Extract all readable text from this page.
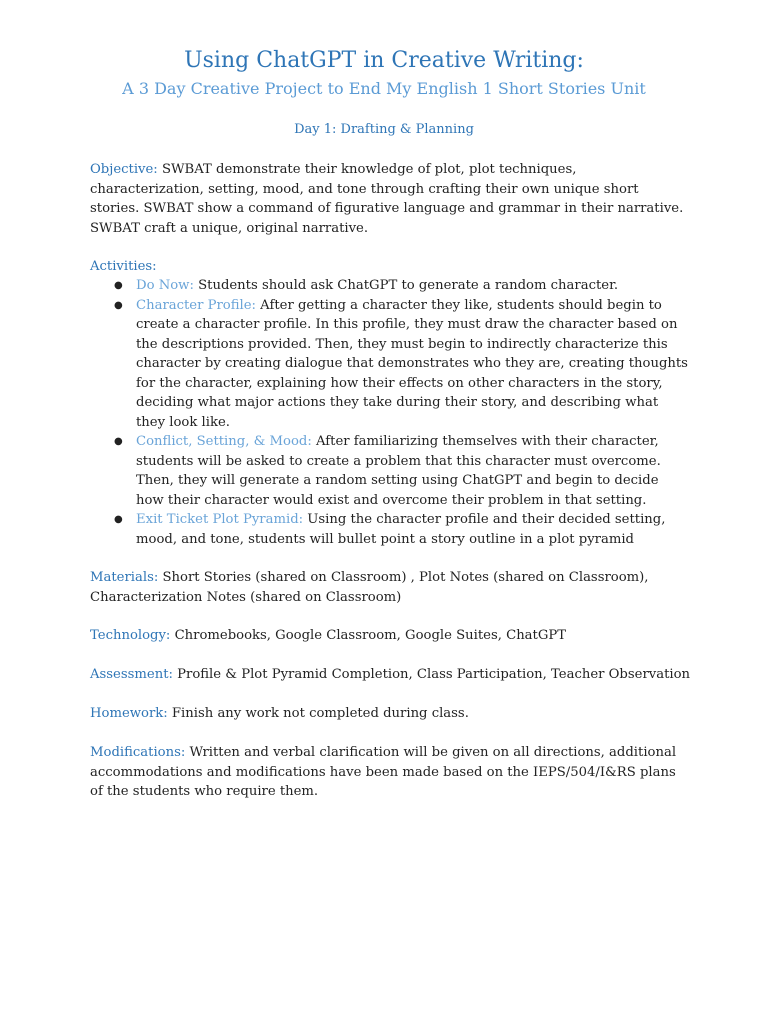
Using ChatGPT in Creative Writing:
A 3 Day Creative Project to End My English 1 Short Stories Unit
Day 1: Drafting & Planning
Objective: SWBAT demonstrate their knowledge of plot, plot techniques, characterization, setting, mood, and tone through crafting their own unique short stories. SWBAT show a command of figurative language and grammar in their narrative. SWBAT craft a unique, original narrative.
Activities:
● Do Now: Students should ask ChatGPT to generate a random character.
● Character Profile: After getting a character they like, students should begin to create a character profile. In this profile, they must draw the character based on the descriptions provided. Then, they must begin to indirectly characterize this character by creating dialogue that demonstrates who they are, creating thoughts for the character, explaining how their effects on other characters in the story, deciding what major actions they take during their story, and describing what they look like.
● Conflict, Setting, & Mood: After familiarizing themselves with their character, students will be asked to create a problem that this character must overcome. Then, they will generate a random setting using ChatGPT and begin to decide how their character would exist and overcome their problem in that setting.
● Exit Ticket Plot Pyramid: Using the character profile and their decided setting, mood, and tone, students will bullet point a story outline in a plot pyramid
Materials: Short Stories (shared on Classroom) , Plot Notes (shared on Classroom), Characterization Notes (shared on Classroom)
Technology: Chromebooks, Google Classroom, Google Suites, ChatGPT
Assessment: Profile & Plot Pyramid Completion, Class Participation, Teacher Observation
Homework: Finish any work not completed during class.
Modifications: Written and verbal clarification will be given on all directions, additional accommodations and modifications have been made based on the IEPS/504/I&RS plans of the students who require them.
